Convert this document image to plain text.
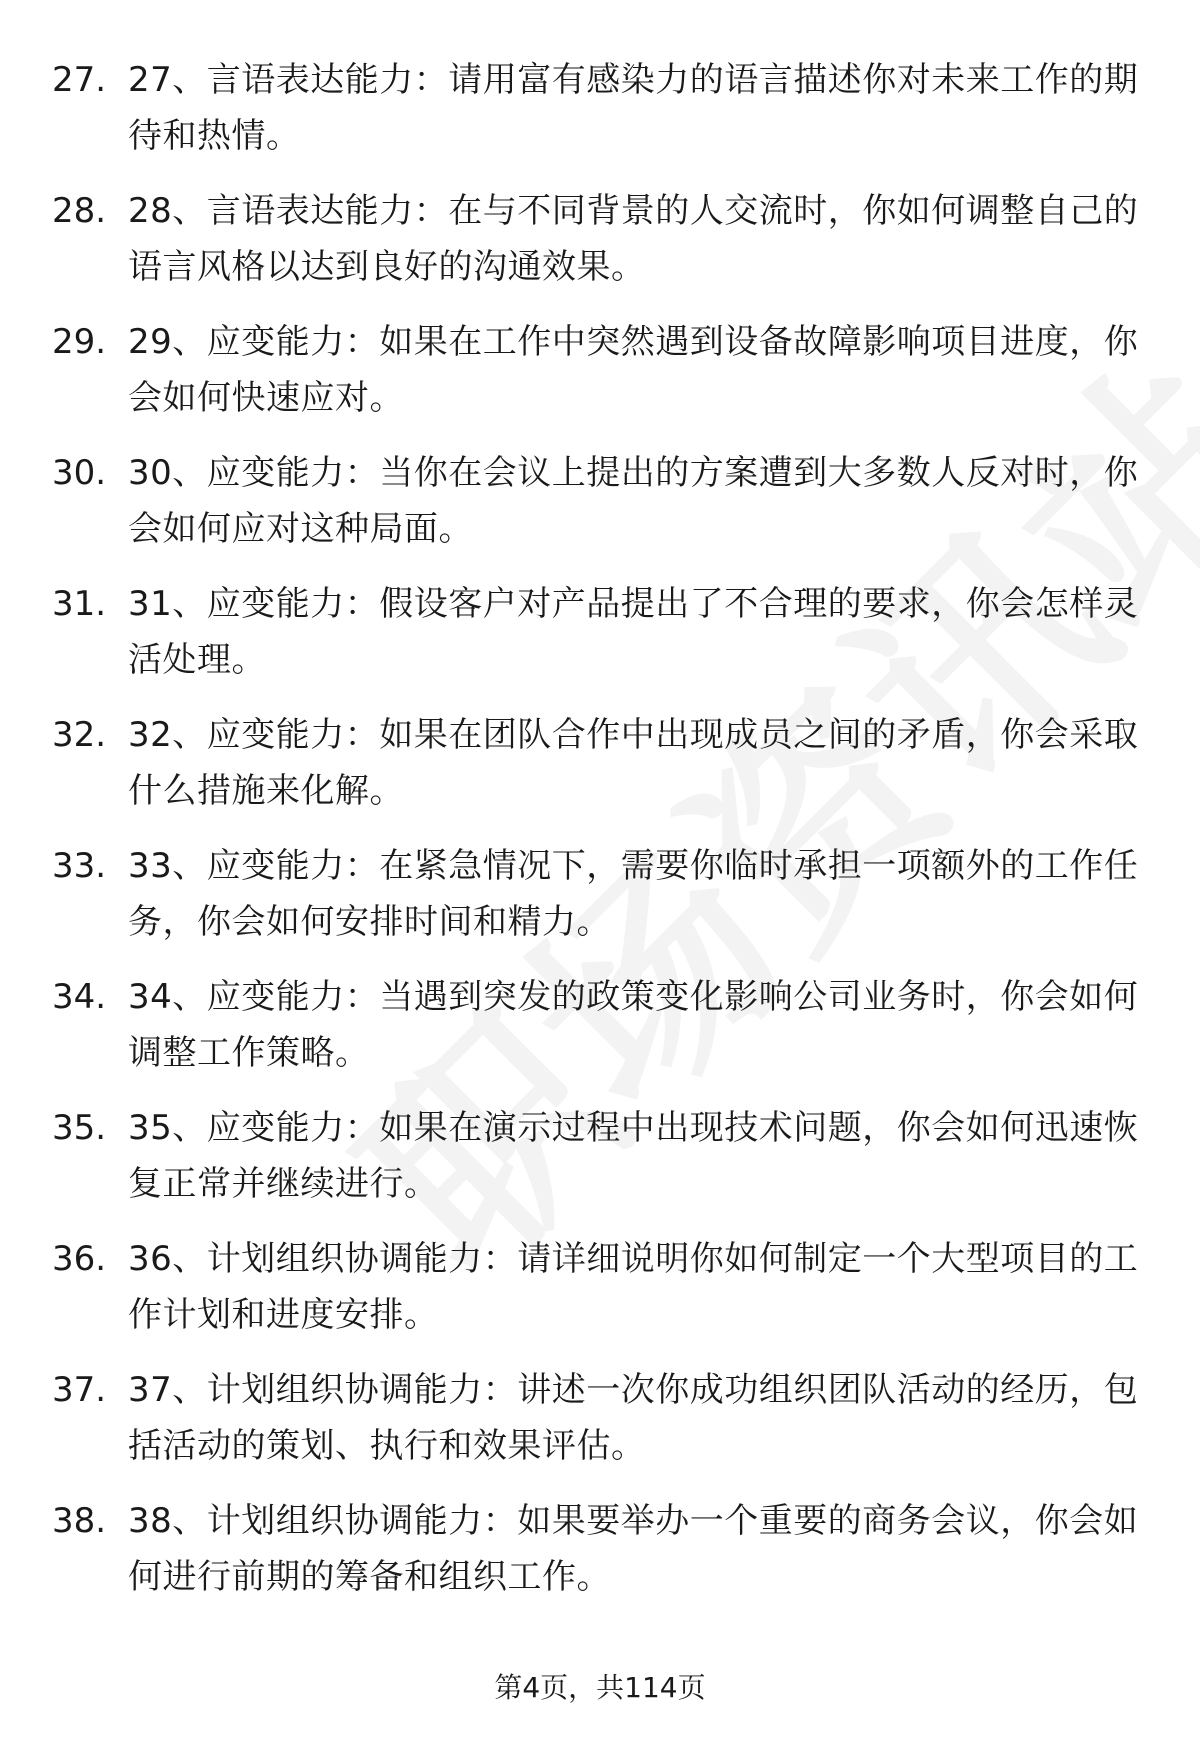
27. 27、言语表达能力：请用富有感染力的语言描述你对未来工作的期待和热情。
28. 28、言语表达能力：在与不同背景的人交流时，你如何调整自己的语言风格以达到良好的沟通效果。
29. 29、应变能力：如果在工作中突然遇到设备故障影响项目进度，你会如何快速应对。
30. 30、应变能力：当你在会议上提出的方案遭到大多数人反对时，你会如何应对这种局面。
31. 31、应变能力：假设客户对产品提出了不合理的要求，你会怎样灵活处理。
32. 32、应变能力：如果在团队合作中出现成员之间的矛盾，你会采取什么措施来化解。
33. 33、应变能力：在紧急情况下，需要你临时承担一项额外的工作任务，你会如何安排时间和精力。
34. 34、应变能力：当遇到突发的政策变化影响公司业务时，你会如何调整工作策略。
35. 35、应变能力：如果在演示过程中出现技术问题，你会如何迅速恢复正常并继续进行。
36. 36、计划组织协调能力：请详细说明你如何制定一个大型项目的工作计划和进度安排。
37. 37、计划组织协调能力：讲述一次你成功组织团队活动的经历，包括活动的策划、执行和效果评估。
38. 38、计划组织协调能力：如果要举办一个重要的商务会议，你会如何进行前期的筹备和组织工作。
第4页，共114页
